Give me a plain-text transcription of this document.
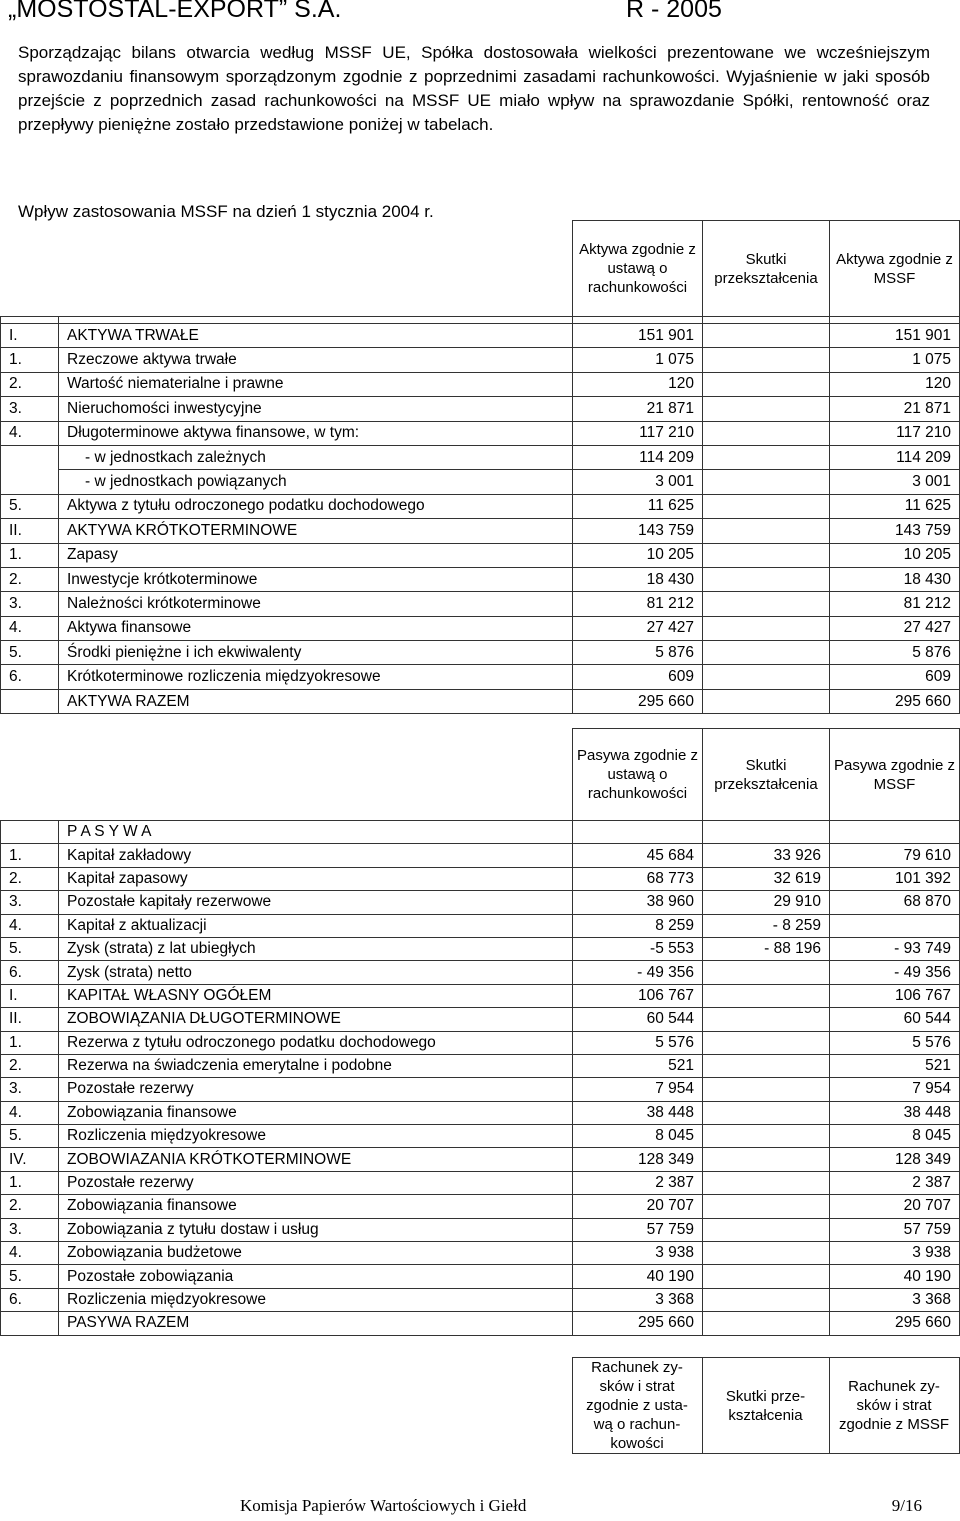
„MOSTOSTAL-EXPORT” S.A.	R - 2005
Sporządzając bilans otwarcia według MSSF UE, Spółka dostosowała wielkości prezentowane we wcześniejszym sprawozdaniu finansowym sporządzonym zgodnie z poprzednimi zasadami rachunkowości. Wyjaśnienie w jaki sposób przejście z poprzednich zasad rachunkowości na MSSF UE miało wpływ na sprawozdanie Spółki, rentowność oraz przepływy pieniężne zostało przedstawione poniżej w tabelach.
Wpływ zastosowania MSSF na dzień 1 stycznia 2004 r.
		Aktywa zgodnie z ustawą o rachunkowości	Skutki przekształcenia	Aktywa zgodnie z MSSF

I.	AKTYWA TRWAŁE	151 901		151 901
1.	Rzeczowe aktywa trwałe	1 075		1 075
2.	Wartość niematerialne i prawne	120		120
3.	Nieruchomości inwestycyjne	21 871		21 871
4.	Długoterminowe aktywa finansowe, w tym:	117 210		117 210
	- w jednostkach zależnych	114 209		114 209
	- w jednostkach powiązanych	3 001		3 001
5.	Aktywa z tytułu odroczonego podatku dochodowego	11 625		11 625
II.	AKTYWA KRÓTKOTERMINOWE	143 759		143 759
1.	Zapasy	10 205		10 205
2.	Inwestycje krótkoterminowe	18 430		18 430
3.	Należności krótkoterminowe	81 212		81 212
4.	Aktywa finansowe	27 427		27 427
5.	Środki pieniężne i ich ekwiwalenty	5 876		5 876
6.	Krótkoterminowe rozliczenia międzyokresowe	609		609
	AKTYWA RAZEM	295 660		295 660
		Pasywa zgodnie z ustawą o rachunkowości	Skutki przekształcenia	Pasywa zgodnie z MSSF
	P A S Y W A			
1.	Kapitał zakładowy	45 684	33 926	79 610
2.	Kapitał zapasowy	68 773	32 619	101 392
3.	Pozostałe kapitały rezerwowe	38 960	29 910	68 870
4.	Kapitał z aktualizacji	8 259	- 8 259	
5.	Zysk (strata) z lat ubiegłych	-5 553	- 88 196	- 93 749
6.	Zysk (strata) netto	- 49 356		- 49 356
I.	KAPITAŁ WŁASNY OGÓŁEM	106 767		106 767
II.	ZOBOWIĄZANIA DŁUGOTERMINOWE	60 544		60 544
1.	Rezerwa z tytułu odroczonego podatku dochodowego	5 576		5 576
2.	Rezerwa na świadczenia emerytalne i podobne	521		521
3.	Pozostałe rezerwy	7 954		7 954
4.	Zobowiązania finansowe	38 448		38 448
5.	Rozliczenia międzyokresowe	8 045		8 045
IV.	ZOBOWIAZANIA KRÓTKOTERMINOWE	128 349		128 349
1.	Pozostałe rezerwy	2 387		2 387
2.	Zobowiązania finansowe	20 707		20 707
3.	Zobowiązania z tytułu dostaw i usług	57 759		57 759
4.	Zobowiązania budżetowe	3 938		3 938
5.	Pozostałe zobowiązania	40 190		40 190
6.	Rozliczenia międzyokresowe	3 368		3 368
	PASYWA RAZEM	295 660		295 660
		Rachunek zy- sków i strat zgodnie z usta- wą o rachun- kowości	Skutki prze- kształcenia	Rachunek zy- sków i strat zgodnie z MSSF
Komisja Papierów Wartościowych i Giełd	9/16
